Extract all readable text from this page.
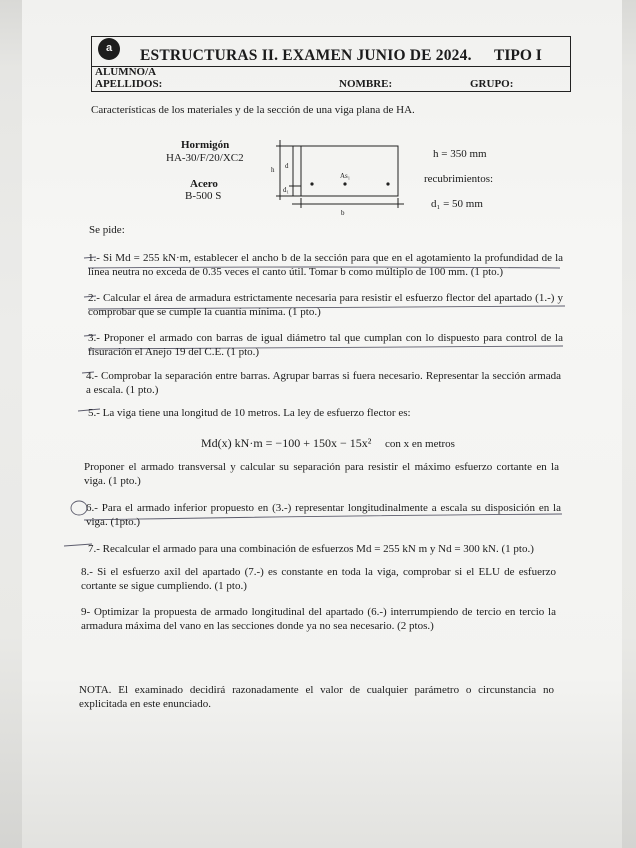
a	ESTRUCTURAS II. EXAMEN JUNIO DE 2024. TIPO I
ALUMNO/A
APELLIDOS:	NOMBRE:	GRUPO:
Características de los materiales y de la sección de una viga plana de HA.
Hormigón
HA-30/F/20/XC2
Acero
B-500 S
h d
d₁
As₁
b
h = 350 mm
recubrimientos:
d₁ = 50 mm
Se pide:
1.- Si Md = 255 kN·m, establecer el ancho b de la sección para que en el agotamiento la profundidad de la línea neutra no exceda de 0.35 veces el canto útil. Tomar b como múltiplo de 100 mm. (1 pto.)
2.- Calcular el área de armadura estrictamente necesaria para resistir el esfuerzo flector del apartado (1.-) y comprobar que se cumple la cuantía mínima. (1 pto.)
3.- Proponer el armado con barras de igual diámetro tal que cumplan con lo dispuesto para control de la fisuración el Anejo 19 del C.E. (1 pto.)
4.- Comprobar la separación entre barras. Agrupar barras si fuera necesario. Representar la sección armada a escala. (1 pto.)
5.- La viga tiene una longitud de 10 metros. La ley de esfuerzo flector es:
Md(x) kN·m = −100 + 150x − 15x² con x en metros
Proponer el armado transversal y calcular su separación para resistir el máximo esfuerzo cortante en la viga. (1 pto.)
6.- Para el armado inferior propuesto en (3.-) representar longitudinalmente a escala su disposición en la viga. (1pto.)
7.- Recalcular el armado para una combinación de esfuerzos Md = 255 kN m y Nd = 300 kN. (1 pto.)
8.- Si el esfuerzo axil del apartado (7.-) es constante en toda la viga, comprobar si el ELU de esfuerzo cortante se sigue cumpliendo. (1 pto.)
9- Optimizar la propuesta de armado longitudinal del apartado (6.-) interrumpiendo de tercio en tercio la armadura máxima del vano en las secciones donde ya no sea necesario. (2 ptos.)
NOTA. El examinado decidirá razonadamente el valor de cualquier parámetro o circunstancia no explicitada en este enunciado.
